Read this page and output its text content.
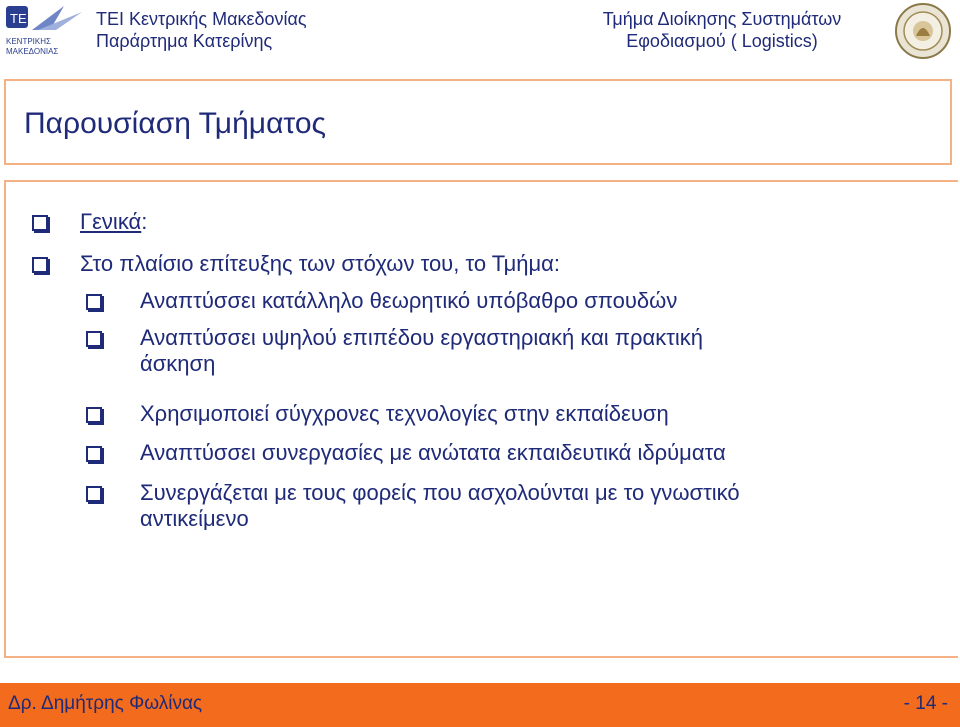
TE
ΚΕΝΤΡΙΚΗΣ
ΜΑΚΕΔΟΝΙΑΣ
ΤΕΙ Κεντρικής Μακεδονίας
Παράρτημα Κατερίνης
Τμήμα Διοίκησης Συστημάτων
Εφοδιασμού ( Logistics)
Παρουσίαση Τμήματος
Γενικά:
Στο πλαίσιο επίτευξης των στόχων του, το Τμήμα:
Αναπτύσσει κατάλληλο θεωρητικό υπόβαθρο σπουδών
Αναπτύσσει υψηλού επιπέδου εργαστηριακή και πρακτική
άσκηση
Χρησιμοποιεί σύγχρονες τεχνολογίες στην εκπαίδευση
Αναπτύσσει συνεργασίες με ανώτατα εκπαιδευτικά ιδρύματα
Συνεργάζεται με τους φορείς που ασχολούνται με το γνωστικό
αντικείμενο
Δρ. Δημήτρης Φωλίνας	- 14 -
